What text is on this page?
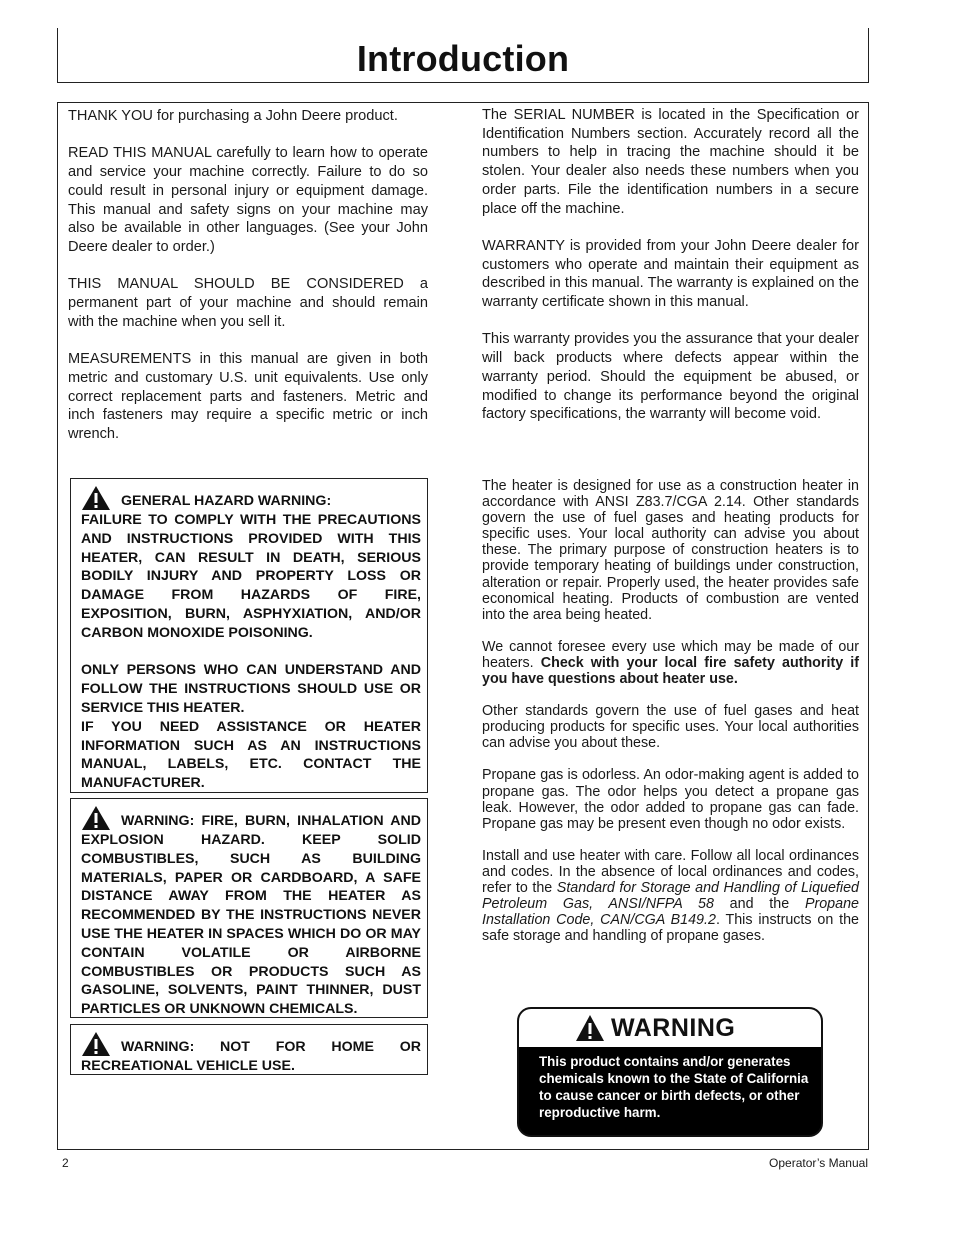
Introduction

THANK YOU for purchasing a John Deere product.

READ THIS MANUAL carefully to learn how to operate and service your machine correctly. Failure to do so could result in personal injury or equipment damage. This manual and safety signs on your machine may also be available in other languages. (See your John Deere dealer to order.)

THIS MANUAL SHOULD BE CONSIDERED a permanent part of your machine and should remain with the machine when you sell it.

MEASUREMENTS in this manual are given in both metric and customary U.S. unit equivalents. Use only correct replacement parts and fasteners. Metric and inch fasteners may require a specific metric or inch wrench.

The SERIAL NUMBER is located in the Specification or Identification Numbers section. Accurately record all the numbers to help in tracing the machine should it be stolen. Your dealer also needs these numbers when you order parts. File the identification numbers in a secure place off the machine.

WARRANTY is provided from your John Deere dealer for customers who operate and maintain their equipment as described in this manual. The warranty is explained on the warranty certificate shown in this manual.

This warranty provides you the assurance that your dealer will back products where defects appear within the warranty period. Should the equipment be abused, or modified to change its performance beyond the original factory specifications, the warranty will become void.

The heater is designed for use as a construction heater in accordance with ANSI Z83.7/CGA 2.14. Other standards govern the use of fuel gases and heating products for specific uses. Your local authority can advise you about these. The primary purpose of construction heaters is to provide temporary heating of buildings under construction, alteration or repair. Properly used, the heater provides safe economical heating. Products of combustion are vented into the area being heated.

We cannot foresee every use which may be made of our heaters. Check with your local fire safety authority if you have questions about heater use.

Other standards govern the use of fuel gases and heat producing products for specific uses. Your local authorities can advise you about these.

Propane gas is odorless. An odor-making agent is added to propane gas. The odor helps you detect a propane gas leak. However, the odor added to propane gas can fade. Propane gas may be present even though no odor exists.

Install and use heater with care. Follow all local ordinances and codes. In the absence of local ordinances and codes, refer to the Standard for Storage and Handling of Liquefied Petroleum Gas, ANSI/NFPA 58 and the Propane Installation Code, CAN/CGA B149.2. This instructs on the safe storage and handling of propane gases.

GENERAL HAZARD WARNING:
FAILURE TO COMPLY WITH THE PRECAUTIONS AND INSTRUCTIONS PROVIDED WITH THIS HEATER, CAN RESULT IN DEATH, SERIOUS BODILY INJURY AND PROPERTY LOSS OR DAMAGE FROM HAZARDS OF FIRE, EXPOSITION, BURN, ASPHYXIATION, AND/OR CARBON MONOXIDE POISONING.

ONLY PERSONS WHO CAN UNDERSTAND AND FOLLOW THE INSTRUCTIONS SHOULD USE OR SERVICE THIS HEATER.

IF YOU NEED ASSISTANCE OR HEATER INFORMATION SUCH AS AN INSTRUCTIONS MANUAL, LABELS, ETC. CONTACT THE MANUFACTURER.

WARNING: FIRE, BURN, INHALATION AND EXPLOSION HAZARD. KEEP SOLID COMBUSTIBLES, SUCH AS BUILDING MATERIALS, PAPER OR CARDBOARD, A SAFE DISTANCE AWAY FROM THE HEATER AS RECOMMENDED BY THE INSTRUCTIONS NEVER USE THE HEATER IN SPACES WHICH DO OR MAY CONTAIN VOLATILE OR AIRBORNE COMBUSTIBLES OR PRODUCTS SUCH AS GASOLINE, SOLVENTS, PAINT THINNER, DUST PARTICLES OR UNKNOWN CHEMICALS.

WARNING: NOT FOR HOME OR RECREATIONAL VEHICLE USE.

WARNING
This product contains and/or generates chemicals known to the State of California to cause cancer or birth defects, or other reproductive harm.
2	Operator’s Manual
